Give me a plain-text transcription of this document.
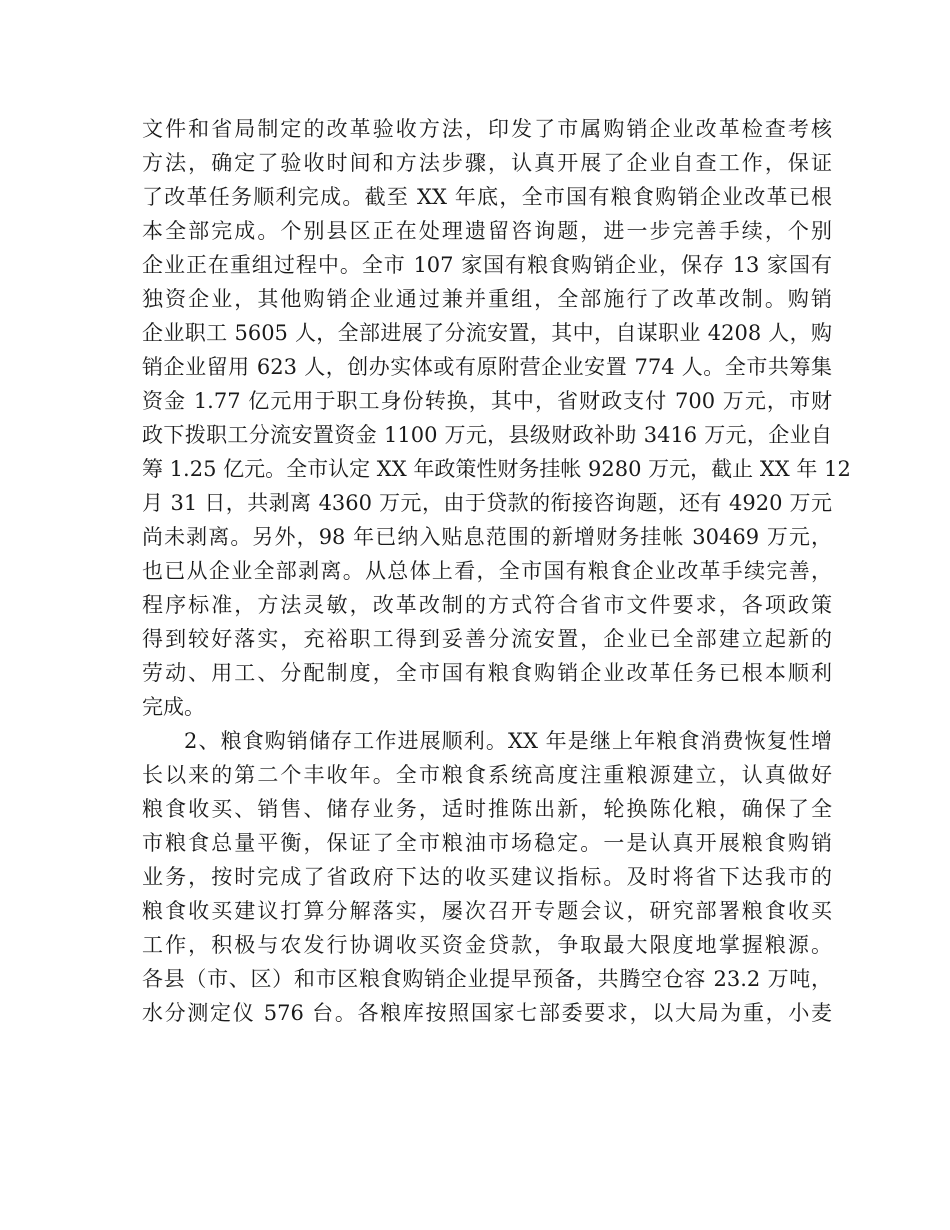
文件和省局制定的改革验收方法，印发了市属购销企业改革检查考核
方法，确定了验收时间和方法步骤，认真开展了企业自查工作，保证
了改革任务顺利完成。截至 XX 年底，全市国有粮食购销企业改革已根
本全部完成。个别县区正在处理遗留咨询题，进一步完善手续，个别
企业正在重组过程中。全市 107 家国有粮食购销企业，保存 13 家国有
独资企业，其他购销企业通过兼并重组，全部施行了改革改制。购销
企业职工 5605 人，全部进展了分流安置，其中，自谋职业 4208 人，购
销企业留用 623 人，创办实体或有原附营企业安置 774 人。全市共筹集
资金 1.77 亿元用于职工身份转换，其中，省财政支付 700 万元，市财
政下拨职工分流安置资金 1100 万元，县级财政补助 3416 万元，企业自
筹 1.25 亿元。全市认定 XX 年政策性财务挂帐 9280 万元，截止 XX 年 12
月 31 日，共剥离 4360 万元，由于贷款的衔接咨询题，还有 4920 万元
尚未剥离。另外，98 年已纳入贴息范围的新增财务挂帐 30469 万元，
也已从企业全部剥离。从总体上看，全市国有粮食企业改革手续完善，
程序标准，方法灵敏，改革改制的方式符合省市文件要求，各项政策
得到较好落实，充裕职工得到妥善分流安置，企业已全部建立起新的
劳动、用工、分配制度，全市国有粮食购销企业改革任务已根本顺利
完成。
2、粮食购销储存工作进展顺利。XX 年是继上年粮食消费恢复性增
长以来的第二个丰收年。全市粮食系统高度注重粮源建立，认真做好
粮食收买、销售、储存业务，适时推陈出新，轮换陈化粮，确保了全
市粮食总量平衡，保证了全市粮油市场稳定。一是认真开展粮食购销
业务，按时完成了省政府下达的收买建议指标。及时将省下达我市的
粮食收买建议打算分解落实，屡次召开专题会议，研究部署粮食收买
工作，积极与农发行协调收买资金贷款，争取最大限度地掌握粮源。
各县（市、区）和市区粮食购销企业提早预备，共腾空仓容 23.2 万吨，
水分测定仪 576 台。各粮库按照国家七部委要求，以大局为重，小麦
